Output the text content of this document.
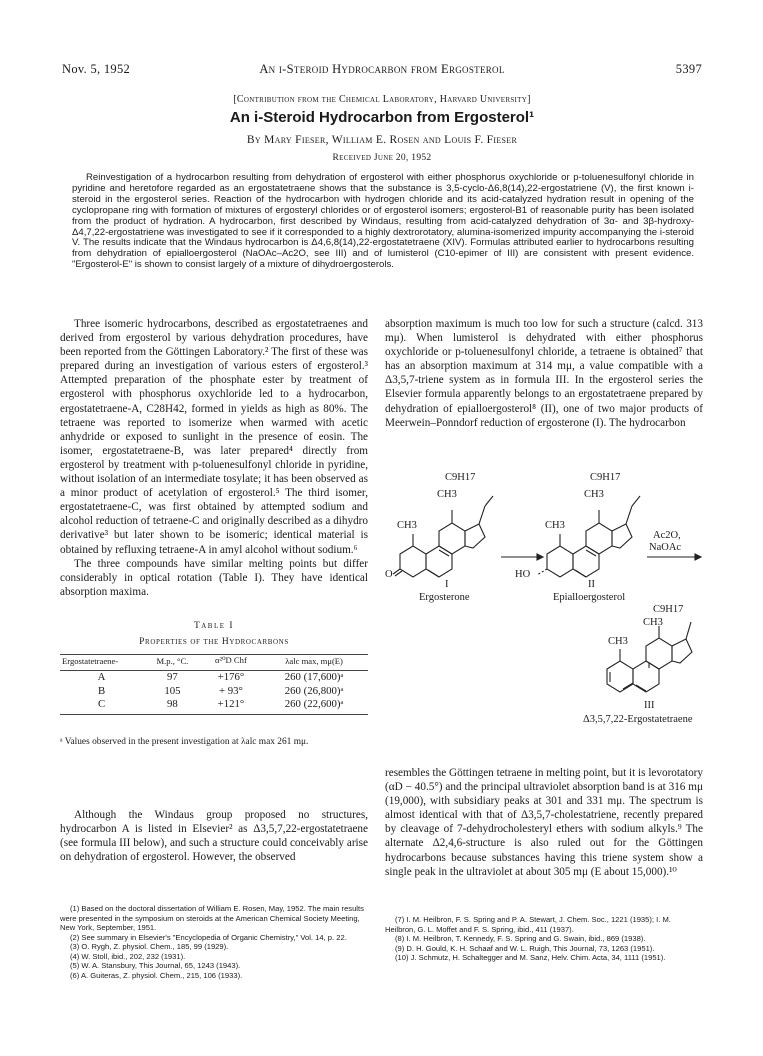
Nov. 5, 1952	An i-Steroid Hydrocarbon from Ergosterol	5397
[Contribution from the Chemical Laboratory, Harvard University]
An i-Steroid Hydrocarbon from Ergosterol¹
By Mary Fieser, William E. Rosen and Louis F. Fieser
Received June 20, 1952

Reinvestigation of a hydrocarbon resulting from dehydration of ergosterol with either phosphorus oxychloride or p-toluenesulfonyl chloride in pyridine and heretofore regarded as an ergostatetraene shows that the substance is 3,5-cyclo-Δ6,8(14),22-ergostatriene (V), the first known i-steroid in the ergosterol series. Reaction of the hydrocarbon with hydrogen chloride and its acid-catalyzed hydration result in opening of the cyclopropane ring with formation of mixtures of ergosteryl chlorides or of ergosterol isomers; ergosterol-B1 of reasonable purity has been isolated from the product of hydration. A hydrocarbon, first described by Windaus, resulting from acid-catalyzed dehydration of 3α- and 3β-hydroxy-Δ4,7,22-ergostatriene was investigated to see if it corresponded to a highly dextrorotatory, alumina-isomerized impurity accompanying the i-steroid V. The results indicate that the Windaus hydrocarbon is Δ4,6,8(14),22-ergostatetraene (XIV). Formulas attributed earlier to hydrocarbons resulting from dehydration of epiallοergosterol (NaOAc–Ac2O, see III) and of lumisterol (C10-epimer of III) are consistent with present evidence. "Ergosterol-E" is shown to consist largely of a mixture of dihydroergosterols.

Three isomeric hydrocarbons, described as ergostatetraenes and derived from ergosterol by various dehydration procedures, have been reported from the Göttingen Laboratory.² The first of these was prepared during an investigation of various esters of ergosterol.³ Attempted preparation of the phosphate ester by treatment of ergosterol with phosphorus oxychloride led to a hydrocarbon, ergostatetraene-A, C28H42, formed in yields as high as 80%. The tetraene was reported to isomerize when warmed with acetic anhydride or exposed to sunlight in the presence of eosin. The isomer, ergostatetraene-B, was later prepared⁴ directly from ergosterol by treatment with p-toluenesulfonyl chloride in pyridine, without isolation of an intermediate tosylate; it has been observed as a minor product of acetylation of ergosterol.⁵ The third isomer, ergostatetraene-C, was first obtained by attempted sodium and alcohol reduction of tetraene-C and originally described as a dihydro derivative³ but later shown to be isomeric; identical material is obtained by refluxing tetraene-A in amyl alcohol without sodium.⁶

The three compounds have similar melting points but differ considerably in optical rotation (Table I). They have identical absorption maxima.

Table I
Properties of the Hydrocarbons
Ergostatetraene-	M.p., °C.	α²⁰D Chf	λalc max, mμ(E)
A	97	+176°	260 (17,600)ᵃ
B	105	+ 93°	260 (26,800)ᵃ
C	98	+121°	260 (22,600)ᵃ
ᵃ Values observed in the present investigation at λalc max 261 mμ.

Although the Windaus group proposed no structures, hydrocarbon A is listed in Elsevier² as Δ3,5,7,22-ergostatetraene (see formula III below), and such a structure could conceivably arise on dehydration of ergosterol. However, the observed

(1) Based on the doctoral dissertation of William E. Rosen, May, 1952. The main results were presented in the symposium on steroids at the American Chemical Society Meeting, New York, September, 1951.
(2) See summary in Elsevier's "Encyclopedia of Organic Chemistry," Vol. 14, p. 22.
(3) O. Rygh, Z. physiol. Chem., 185, 99 (1929).
(4) W. Stoll, ibid., 202, 232 (1931).
(5) W. A. Stansbury, This Journal, 65, 1243 (1943).
(6) A. Guiteras, Z. physiol. Chem., 215, 106 (1933).

absorption maximum is much too low for such a structure (calcd. 313 mμ). When lumisterol is dehydrated with either phosphorus oxychloride or p-toluenesulfonyl chloride, a tetraene is obtained⁷ that has an absorption maximum at 314 mμ, a value compatible with a Δ3,5,7-triene system as in formula III. In the ergosterol series the Elsevier formula apparently belongs to an ergostatetraene prepared by dehydration of epiallοergosterol⁸ (II), one of two major products of Meerwein–Ponndorf reduction of ergosterone (I). The hydrocarbon

C9H17
CH3
CH3
O
C9H17
CH3
CH3
HO
Ac2O,
NaOAc
I
Ergosterone
II
Epiallοergosterol
C9H17
CH3
CH3
III
Δ3,5,7,22-Ergostatetraene

resembles the Göttingen tetraene in melting point, but it is levorotatory (αD − 40.5°) and the principal ultraviolet absorption band is at 316 mμ (19,000), with subsidiary peaks at 301 and 331 mμ. The spectrum is almost identical with that of Δ3,5,7-cholestatriene, recently prepared by cleavage of 7-dehydrocholesteryl ethers with sodium alkyls.⁹ The alternate Δ2,4,6-structure is also ruled out for the Göttingen hydrocarbons because substances having this triene system show a single peak in the ultraviolet at about 305 mμ (E about 15,000).¹⁰

(7) I. M. Heilbron, F. S. Spring and P. A. Stewart, J. Chem. Soc., 1221 (1935); I. M. Heilbron, G. L. Moffet and F. S. Spring, ibid., 411 (1937).
(8) I. M. Heilbron, T. Kennedy, F. S. Spring and G. Swain, ibid., 869 (1938).
(9) D. H. Gould, K. H. Schaaf and W. L. Ruigh, This Journal, 73, 1263 (1951).
(10) J. Schmutz, H. Schaltegger and M. Sanz, Helv. Chim. Acta, 34, 1111 (1951).
